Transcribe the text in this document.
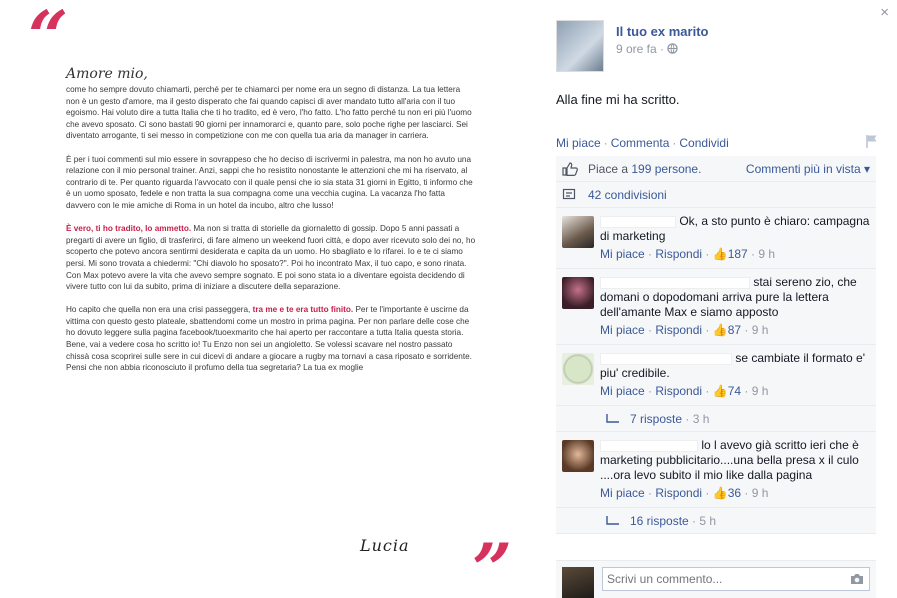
“
Amore mio,

come ho sempre dovuto chiamarti, perché per te chiamarci per nome era un segno di distanza. La tua lettera non è un gesto d'amore, ma il gesto disperato che fai quando capisci di aver mandato tutto all'aria con il tuo egoismo. Hai voluto dire a tutta Italia che ti ho tradito, ed è vero, l'ho fatto. L'ho fatto perché tu non eri più l'uomo che avevo sposato. Ci sono bastati 90 giorni per innamorarci e, quanto pare, solo poche righe per lasciarci. Sei diventato arrogante, ti sei messo in competizione con me con quella tua aria da manager in carriera.

È per i tuoi commenti sul mio essere in sovrappeso che ho deciso di iscrivermi in palestra, ma non ho avuto una relazione con il mio personal trainer. Anzi, sappi che ho resistito nonostante le attenzioni che mi ha riservato, al contrario di te. Per quanto riguarda l'avvocato con il quale pensi che io sia stata 31 giorni in Egitto, ti informo che è un uomo sposato, fedele e non tratta la sua compagna come una vecchia cugina. La vacanza l'ho fatta davvero con le mie amiche di Roma in un hotel da incubo, altro che lusso!

È vero, ti ho tradito, lo ammetto. Ma non si tratta di storielle da giornaletto di gossip. Dopo 5 anni passati a pregarti di avere un figlio, di trasferirci, di fare almeno un weekend fuori città, e dopo aver ricevuto solo dei no, ho scoperto che potevo ancora sentirmi desiderata e capita da un uomo. Ho sbagliato e lo rifarei. Io e te ci siamo persi. Mi sono trovata a chiedermi: "Chi diavolo ho sposato?". Poi ho incontrato Max, il tuo capo, e sono rinata. Con Max potevo avere la vita che avevo sempre sognato. E poi sono stata io a diventare egoista decidendo di vivere tutto con lui da subito, prima di iniziare a discutere della separazione.

Ho capito che quella non era una crisi passeggera, tra me e te era tutto finito. Per te l'importante è uscirne da vittima con questo gesto plateale, sbattendomi come un mostro in prima pagina. Per non parlare delle cose che ho dovuto leggere sulla pagina facebook/tuoexmarito che hai aperto per raccontare a tutta Italia questa storia. Bene, vai a vedere cosa ho scritto io! Tu Enzo non sei un angioletto. Se volessi scavare nel nostro passato chissà cosa scoprirei sulle sere in cui dicevi di andare a giocare a rugby ma tornavi a casa riposato e sorridente. Pensi che non abbia riconosciuto il profumo della tua segretaria? La tua ex moglie

Lucia ”
×
Il tuo ex marito
9 ore fa ·
Alla fine mi ha scritto.
Mi piace · Commenta · Condividi
Piace a
199 persone.	Commenti più in vista ▾
42 condivisioni
Ok, a sto punto è chiaro: campagna di marketing
Mi piace · Rispondi · 👍187 · 9 h
stai sereno zio, che domani o dopodomani arriva pure la lettera dell'amante Max e siamo apposto
Mi piace · Rispondi · 👍87 · 9 h
se cambiate il formato e' piu' credibile.
Mi piace · Rispondi · 👍74 · 9 h
7 risposte · 3 h
lo l avevo già scritto ieri che è marketing pubblicitario....una bella presa x il culo ....ora levo subito il mio like dalla pagina
Mi piace · Rispondi · 👍36 · 9 h
16 risposte · 5 h
Scrivi un commento...
